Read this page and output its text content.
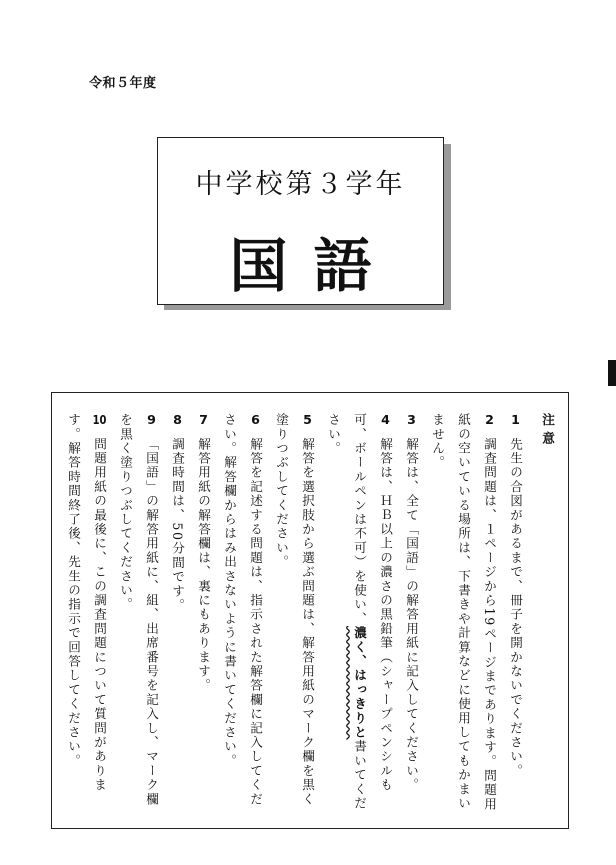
令和５年度
中学校第３学年
国語
注意
1 先生の合図があるまで、冊子を開かないでください。
2 調査問題は、１ページから19ページまであります。問題用紙の空いている場所は、下書きや計算などに使用してもかまいません。
3 解答は、全て「国語」の解答用紙に記入してください。
4 解答は、ＨＢ以上の濃さの黒鉛筆（シャープペンシルも可、ボールペンは不可）を使い、濃く、はっきりと書いてください。
5 解答を選択肢から選ぶ問題は、解答用紙のマーク欄を黒く塗りつぶしてください。
6 解答を記述する問題は、指示された解答欄に記入してください。解答欄からはみ出さないように書いてください。
7 解答用紙の解答欄は、裏にもあります。
8 調査時間は、50分間です。
9 「国語」の解答用紙に、組、出席番号を記入し、マーク欄を黒く塗りつぶしてください。
10 問題用紙の最後に、この調査問題について質問があります。解答時間終了後、先生の指示で回答してください。
